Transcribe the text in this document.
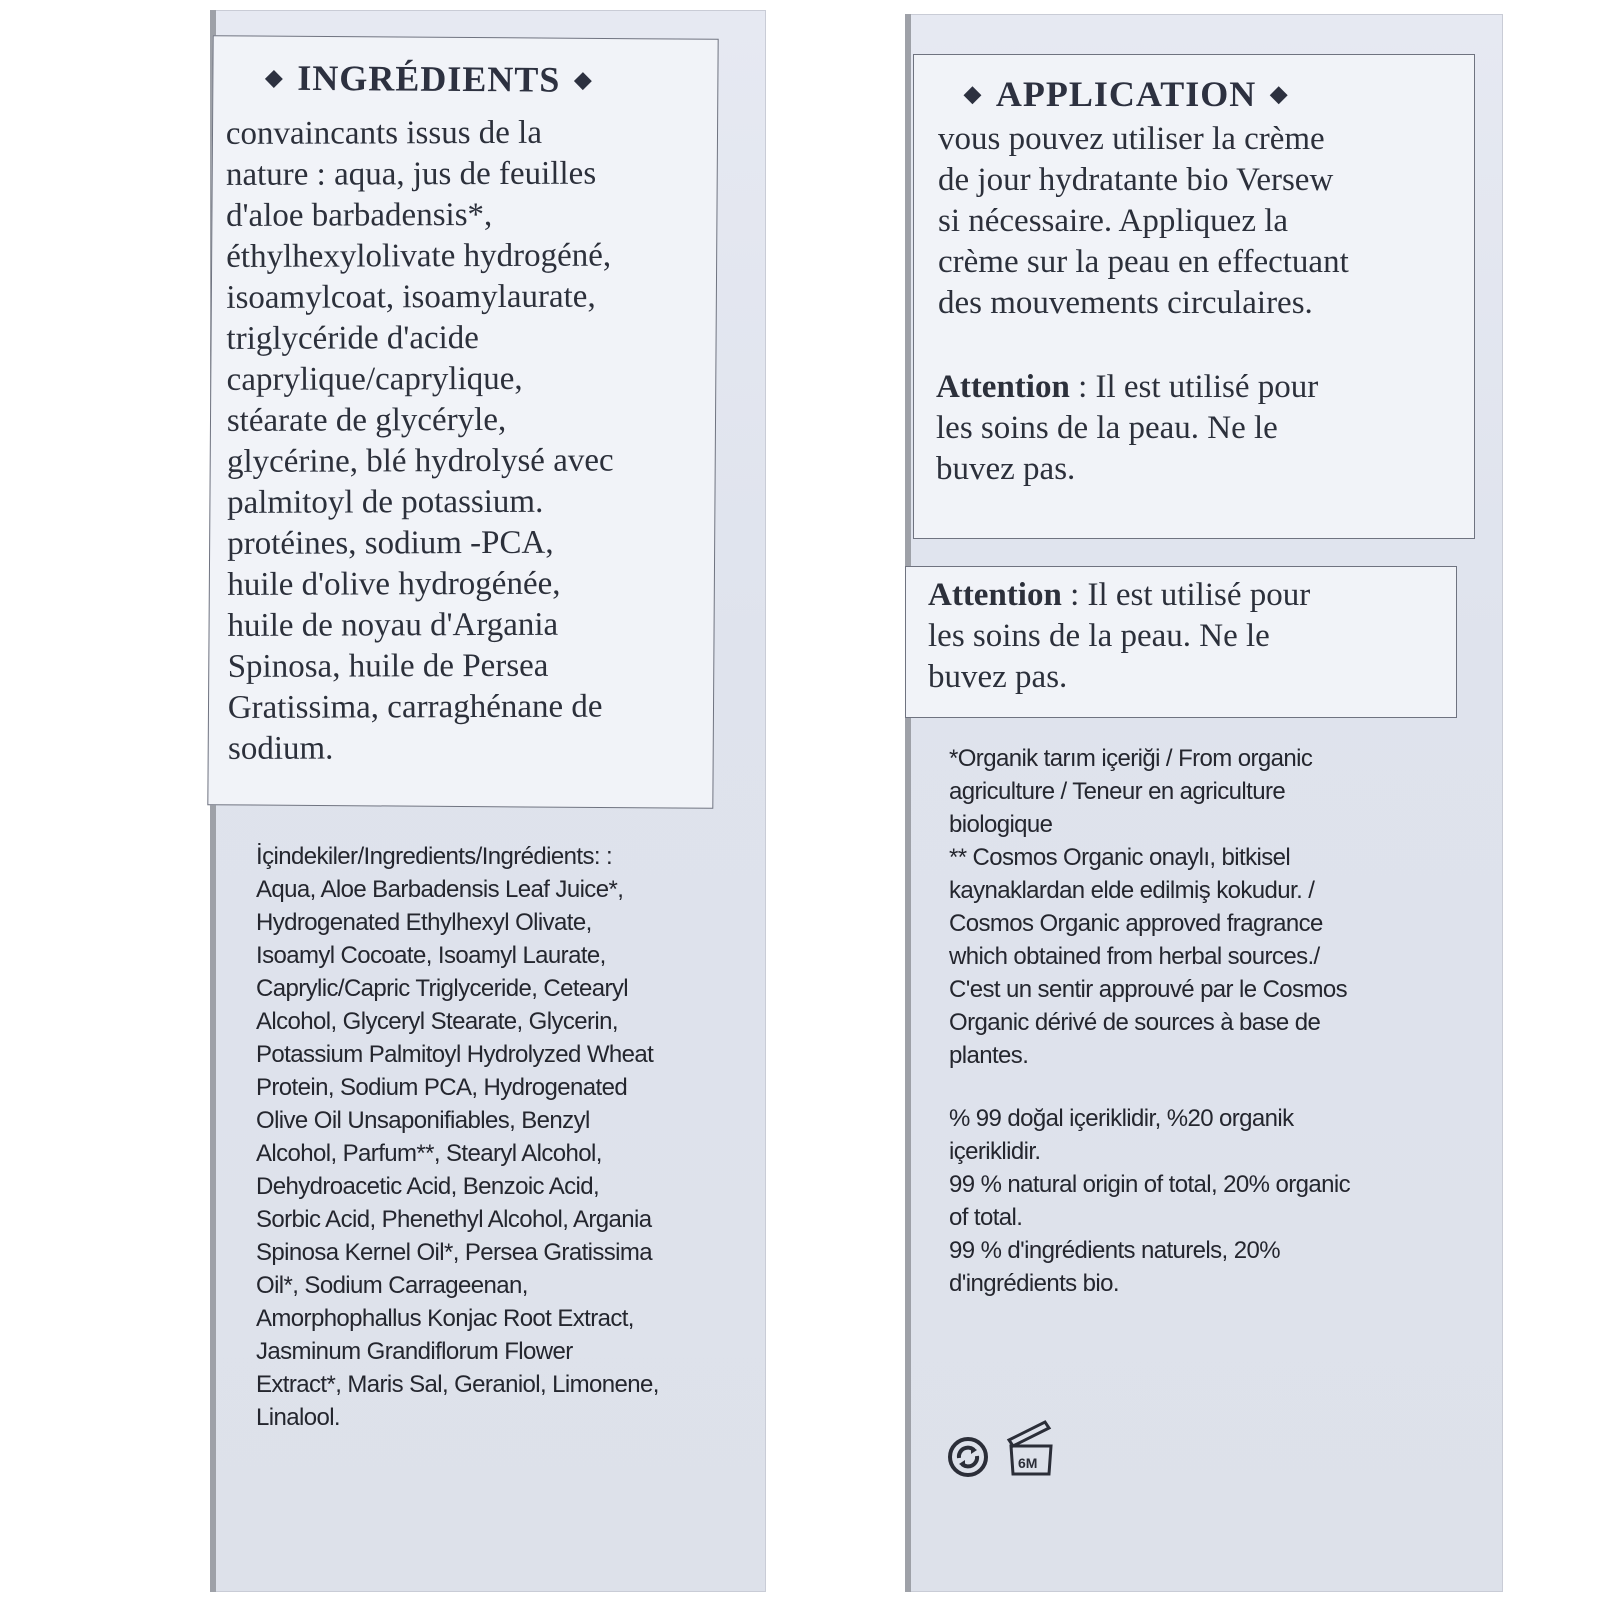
◆ INGRÉDIENTS ◆
convaincants issus de la
nature : aqua, jus de feuilles
d'aloe barbadensis*,
éthylhexylolivate hydrogéné,
isoamylcoat, isoamylaurate,
triglycéride d'acide
caprylique/caprylique,
stéarate de glycéryle,
glycérine, blé hydrolysé avec
palmitoyl de potassium.
protéines, sodium -PCA,
huile d'olive hydrogénée,
huile de noyau d'Argania
Spinosa, huile de Persea
Gratissima, carraghénane de
sodium.
İçindekiler/Ingredients/Ingrédients: :
Aqua, Aloe Barbadensis Leaf Juice*,
Hydrogenated Ethylhexyl Olivate,
Isoamyl Cocoate, Isoamyl Laurate,
Caprylic/Capric Triglyceride, Cetearyl
Alcohol, Glyceryl Stearate, Glycerin,
Potassium Palmitoyl Hydrolyzed Wheat
Protein, Sodium PCA, Hydrogenated
Olive Oil Unsaponifiables, Benzyl
Alcohol, Parfum**, Stearyl Alcohol,
Dehydroacetic Acid, Benzoic Acid,
Sorbic Acid, Phenethyl Alcohol, Argania
Spinosa Kernel Oil*, Persea Gratissima
Oil*, Sodium Carrageenan,
Amorphophallus Konjac Root Extract,
Jasminum Grandiflorum Flower
Extract*, Maris Sal, Geraniol, Limonene,
Linalool.
◆ APPLICATION ◆
vous pouvez utiliser la crème
de jour hydratante bio Versew
si nécessaire. Appliquez la
crème sur la peau en effectuant
des mouvements circulaires.
Attention : Il est utilisé pour
les soins de la peau. Ne le
buvez pas.
Attention : Il est utilisé pour
les soins de la peau. Ne le
buvez pas.
*Organik tarım içeriği / From organic
agriculture / Teneur en agriculture
biologique
** Cosmos Organic onaylı, bitkisel
kaynaklardan elde edilmiş kokudur. /
Cosmos Organic approved fragrance
which obtained from herbal sources./
C'est un sentir approuvé par le Cosmos
Organic dérivé de sources à base de
plantes.
% 99 doğal içeriklidir, %20 organik
içeriklidir.
99 % natural origin of total, 20% organic
of total.
99 % d'ingrédients naturels, 20%
d'ingrédients bio.
6M
